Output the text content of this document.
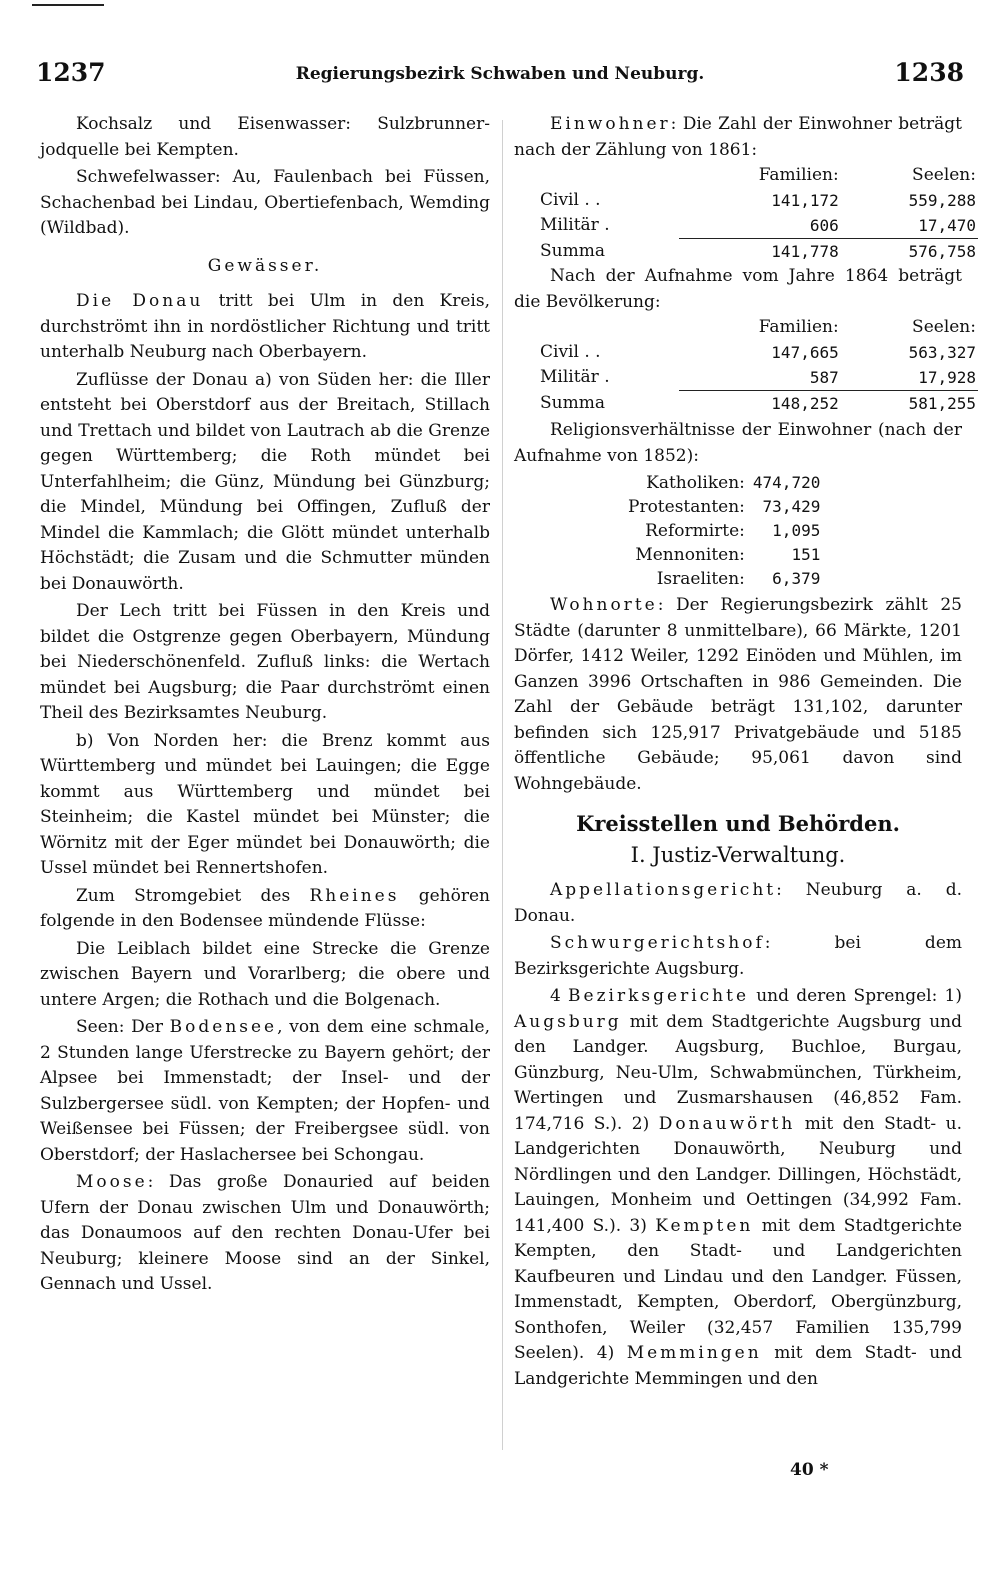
1237	Regierungsbezirk Schwaben und Neuburg.	1238

Kochsalz und Eisenwasser: Sulzbrunner-jodquelle bei Kempten.

Schwefelwasser: Au, Faulenbach bei Füssen, Schachenbad bei Lindau, Obertiefenbach, Wemding (Wildbad).

Gewässer.

Die Donau tritt bei Ulm in den Kreis, durchströmt ihn in nordöstlicher Richtung und tritt unterhalb Neuburg nach Oberbayern.

Zuflüsse der Donau a) von Süden her: die Iller entsteht bei Oberstdorf aus der Breitach, Stillach und Trettach und bildet von Lautrach ab die Grenze gegen Württemberg; die Roth mündet bei Unterfahlheim; die Günz, Mündung bei Günzburg; die Mindel, Mündung bei Offingen, Zufluß der Mindel die Kammlach; die Glött mündet unterhalb Höchstädt; die Zusam und die Schmutter münden bei Donauwörth.

Der Lech tritt bei Füssen in den Kreis und bildet die Ostgrenze gegen Oberbayern, Mündung bei Niederschönenfeld. Zufluß links: die Wertach mündet bei Augsburg; die Paar durchströmt einen Theil des Bezirksamtes Neuburg.

b) Von Norden her: die Brenz kommt aus Württemberg und mündet bei Lauingen; die Egge kommt aus Württemberg und mündet bei Steinheim; die Kastel mündet bei Münster; die Wörnitz mit der Eger mündet bei Donauwörth; die Ussel mündet bei Rennertshofen.

Zum Stromgebiet des Rheines gehören folgende in den Bodensee mündende Flüsse:

Die Leiblach bildet eine Strecke die Grenze zwischen Bayern und Vorarlberg; die obere und untere Argen; die Rothach und die Bolgenach.

Seen: Der Bodensee, von dem eine schmale, 2 Stunden lange Uferstrecke zu Bayern gehört; der Alpsee bei Immenstadt; der Insel- und der Sulzbergersee südl. von Kempten; der Hopfen- und Weißensee bei Füssen; der Freibergsee südl. von Oberstdorf; der Haslachersee bei Schongau.

Moose: Das große Donauried auf beiden Ufern der Donau zwischen Ulm und Donauwörth; das Donaumoos auf den rechten Donau-Ufer bei Neuburg; kleinere Moose sind an der Sinkel, Gennach und Ussel.

Einwohner: Die Zahl der Einwohner beträgt nach der Zählung von 1861:

	Familien:	Seelen:
Civil . .	141,172	559,288
Militär .	606	17,470
Summa	141,778	576,758

Nach der Aufnahme vom Jahre 1864 beträgt die Bevölkerung:

	Familien:	Seelen:
Civil . .	147,665	563,327
Militär .	587	17,928
Summa	148,252	581,255

Religionsverhältnisse der Einwohner (nach der Aufnahme von 1852):

Katholiken:	474,720
Protestanten:	73,429
Reformirte:	1,095
Mennoniten:	151
Israeliten:	6,379

Wohnorte: Der Regierungsbezirk zählt 25 Städte (darunter 8 unmittelbare), 66 Märkte, 1201 Dörfer, 1412 Weiler, 1292 Einöden und Mühlen, im Ganzen 3996 Ortschaften in 986 Gemeinden. Die Zahl der Gebäude beträgt 131,102, darunter befinden sich 125,917 Privatgebäude und 5185 öffentliche Gebäude; 95,061 davon sind Wohngebäude.

Kreisstellen und Behörden.
I. Justiz-Verwaltung.

Appellationsgericht: Neuburg a. d. Donau.

Schwurgerichtshof: bei dem Bezirksgerichte Augsburg.

4 Bezirksgerichte und deren Sprengel: 1) Augsburg mit dem Stadtgerichte Augsburg und den Landger. Augsburg, Buchloe, Burgau, Günzburg, Neu-Ulm, Schwabmünchen, Türkheim, Wertingen und Zusmarshausen (46,852 Fam. 174,716 S.). 2) Donauwörth mit den Stadt- u. Landgerichten Donauwörth, Neuburg und Nördlingen und den Landger. Dillingen, Höchstädt, Lauingen, Monheim und Oettingen (34,992 Fam. 141,400 S.). 3) Kempten mit dem Stadtgerichte Kempten, den Stadt- und Landgerichten Kaufbeuren und Lindau und den Landger. Füssen, Immenstadt, Kempten, Oberdorf, Obergünzburg, Sonthofen, Weiler (32,457 Familien 135,799 Seelen). 4) Memmingen mit dem Stadt- und Landgerichte Memmingen und den

40 *
